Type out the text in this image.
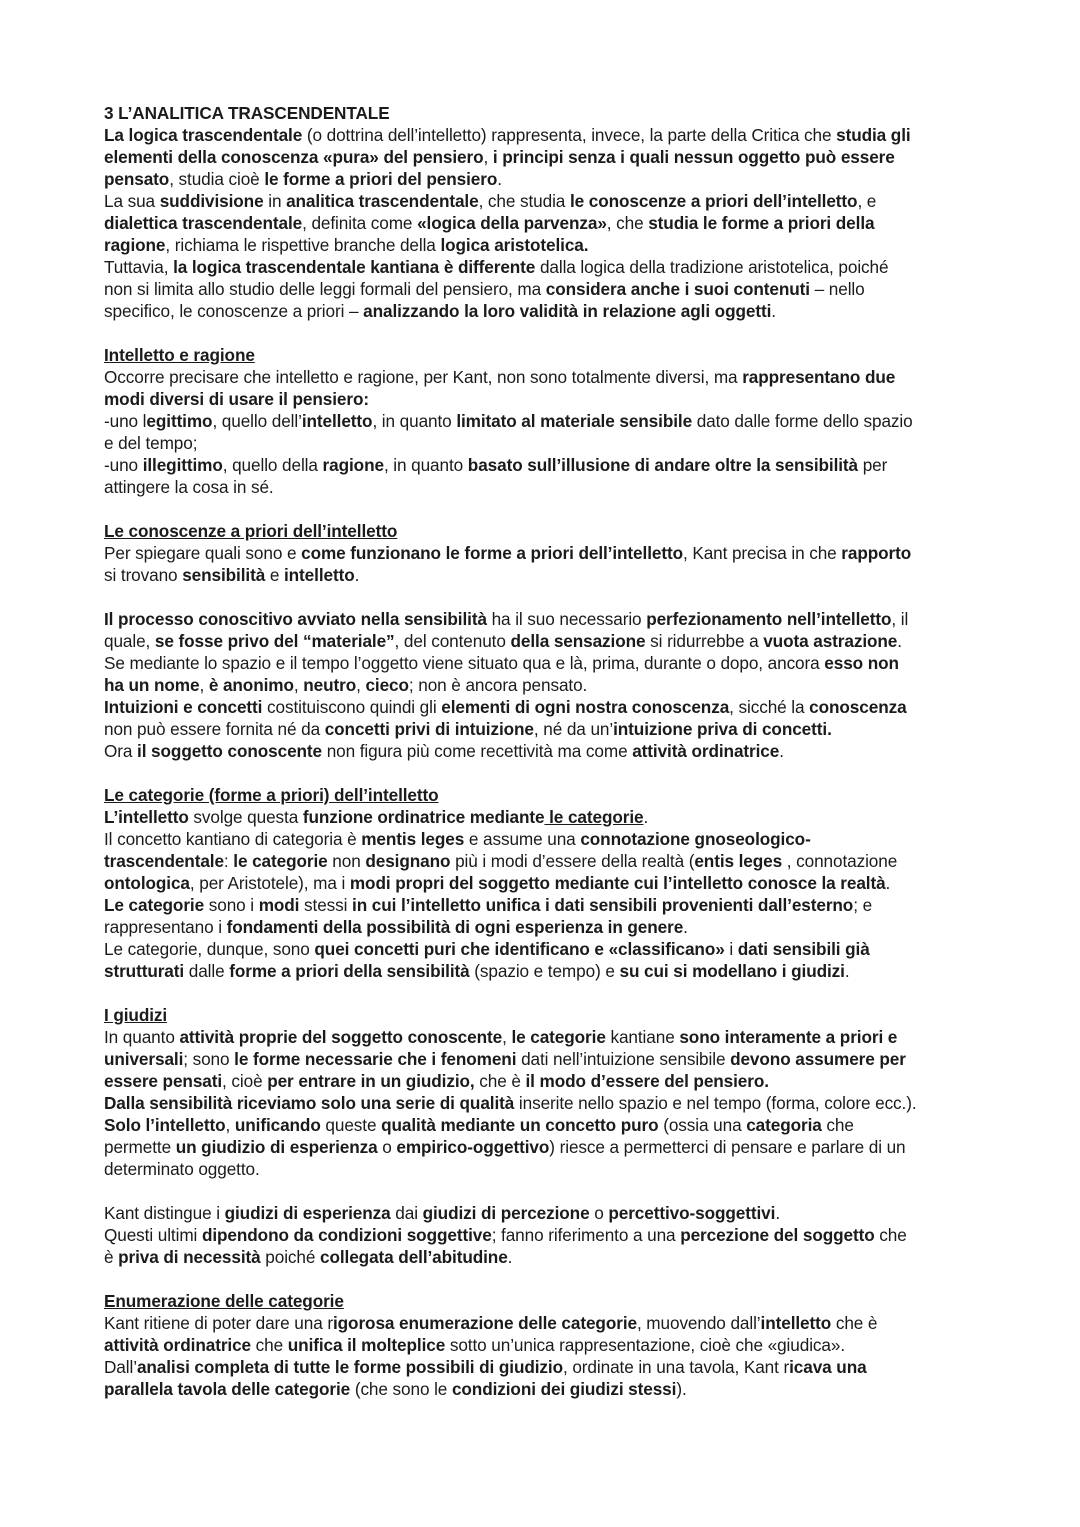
3 L’ANALITICA TRASCENDENTALE

La logica trascendentale (o dottrina dell’intelletto) rappresenta, invece, la parte della Critica che studia gli
elementi della conoscenza «pura» del pensiero, i principi senza i quali nessun oggetto può essere
pensato, studia cioè le forme a priori del pensiero.
La sua suddivisione in analitica trascendentale, che studia le conoscenze a priori dell’intelletto, e
dialettica trascendentale, definita come «logica della parvenza», che studia le forme a priori della
ragione, richiama le rispettive branche della logica aristotelica.
Tuttavia, la logica trascendentale kantiana è differente dalla logica della tradizione aristotelica, poiché
non si limita allo studio delle leggi formali del pensiero, ma considera anche i suoi contenuti – nello
specifico, le conoscenze a priori – analizzando la loro validità in relazione agli oggetti.

Intelletto e ragione

Occorre precisare che intelletto e ragione, per Kant, non sono totalmente diversi, ma rappresentano due
modi diversi di usare il pensiero:
-uno legittimo, quello dell’intelletto, in quanto limitato al materiale sensibile dato dalle forme dello spazio
e del tempo;
-uno illegittimo, quello della ragione, in quanto basato sull’illusione di andare oltre la sensibilità per
attingere la cosa in sé.

Le conoscenze a priori dell’intelletto

Per spiegare quali sono e come funzionano le forme a priori dell’intelletto, Kant precisa in che rapporto
si trovano sensibilità e intelletto.

Il processo conoscitivo avviato nella sensibilità ha il suo necessario perfezionamento nell’intelletto, il
quale, se fosse privo del “materiale”, del contenuto della sensazione si ridurrebbe a vuota astrazione.
Se mediante lo spazio e il tempo l’oggetto viene situato qua e là, prima, durante o dopo, ancora esso non
ha un nome, è anonimo, neutro, cieco; non è ancora pensato.
Intuizioni e concetti costituiscono quindi gli elementi di ogni nostra conoscenza, sicché la conoscenza
non può essere fornita né da concetti privi di intuizione, né da un’intuizione priva di concetti.
Ora il soggetto conoscente non figura più come recettività ma come attività ordinatrice.

Le categorie (forme a priori) dell’intelletto

L’intelletto svolge questa funzione ordinatrice mediante le categorie.
Il concetto kantiano di categoria è mentis leges e assume una connotazione gnoseologico-
trascendentale: le categorie non designano più i modi d’essere della realtà (entis leges , connotazione
ontologica, per Aristotele), ma i modi propri del soggetto mediante cui l’intelletto conosce la realtà.
Le categorie sono i modi stessi in cui l’intelletto unifica i dati sensibili provenienti dall’esterno; e
rappresentano i fondamenti della possibilità di ogni esperienza in genere.
Le categorie, dunque, sono quei concetti puri che identificano e «classificano» i dati sensibili già
strutturati dalle forme a priori della sensibilità (spazio e tempo) e su cui si modellano i giudizi.

I giudizi

In quanto attività proprie del soggetto conoscente, le categorie kantiane sono interamente a priori e
universali; sono le forme necessarie che i fenomeni dati nell’intuizione sensibile devono assumere per
essere pensati, cioè per entrare in un giudizio, che è il modo d’essere del pensiero.
Dalla sensibilità riceviamo solo una serie di qualità inserite nello spazio e nel tempo (forma, colore ecc.).
Solo l’intelletto, unificando queste qualità mediante un concetto puro (ossia una categoria che
permette un giudizio di esperienza o empirico-oggettivo) riesce a permetterci di pensare e parlare di un
determinato oggetto.

Kant distingue i giudizi di esperienza dai giudizi di percezione o percettivo-soggettivi.
Questi ultimi dipendono da condizioni soggettive; fanno riferimento a una percezione del soggetto che
è priva di necessità poiché collegata dell’abitudine.

Enumerazione delle categorie

Kant ritiene di poter dare una rigorosa enumerazione delle categorie, muovendo dall’intelletto che è
attività ordinatrice che unifica il molteplice sotto un’unica rappresentazione, cioè che «giudica».
Dall’analisi completa di tutte le forme possibili di giudizio, ordinate in una tavola, Kant ricava una
parallela tavola delle categorie (che sono le condizioni dei giudizi stessi).
